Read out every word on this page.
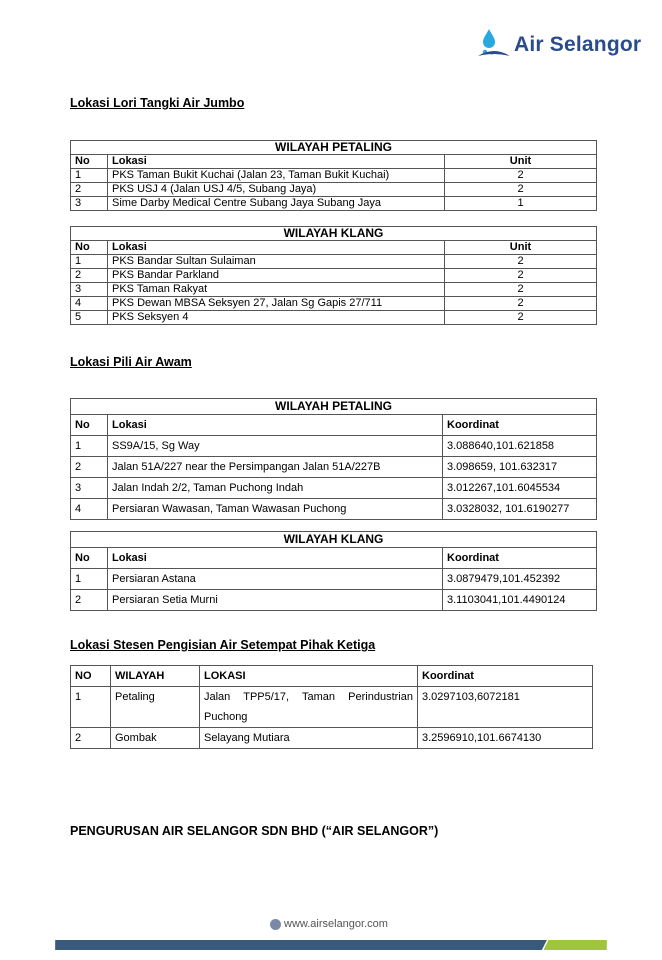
Air Selangor
Lokasi Lori Tangki Air Jumbo
WILAYAH PETALING		
No	Lokasi	Unit
1	PKS Taman Bukit Kuchai (Jalan 23, Taman Bukit Kuchai)	2
2	PKS USJ 4 (Jalan USJ 4/5, Subang Jaya)	2
3	Sime Darby Medical Centre Subang Jaya Subang Jaya	1
WILAYAH KLANG		
No	Lokasi	Unit
1	PKS Bandar Sultan Sulaiman	2
2	PKS Bandar Parkland	2
3	PKS Taman Rakyat	2
4	PKS Dewan MBSA Seksyen 27, Jalan Sg Gapis 27/711	2
5	PKS Seksyen 4	2
Lokasi Pili Air Awam
WILAYAH PETALING		
No	Lokasi	Koordinat
1	SS9A/15, Sg Way	3.088640,101.621858
2	Jalan 51A/227 near the Persimpangan Jalan 51A/227B	3.098659, 101.632317
3	Jalan Indah 2/2, Taman Puchong Indah	3.012267,101.6045534
4	Persiaran Wawasan, Taman Wawasan Puchong	3.0328032, 101.6190277
WILAYAH KLANG		
No	Lokasi	Koordinat
1	Persiaran Astana	3.0879479,101.452392
2	Persiaran Setia Murni	3.1103041,101.4490124
Lokasi Stesen Pengisian Air Setempat Pihak Ketiga
NO	WILAYAH	LOKASI	Koordinat
1	Petaling	Jalan TPP5/17, Taman Perindustrian Puchong	3.0297103,6072181
2	Gombak	Selayang Mutiara	3.2596910,101.6674130
PENGURUSAN AIR SELANGOR SDN BHD (“AIR SELANGOR”)
www.airselangor.com
